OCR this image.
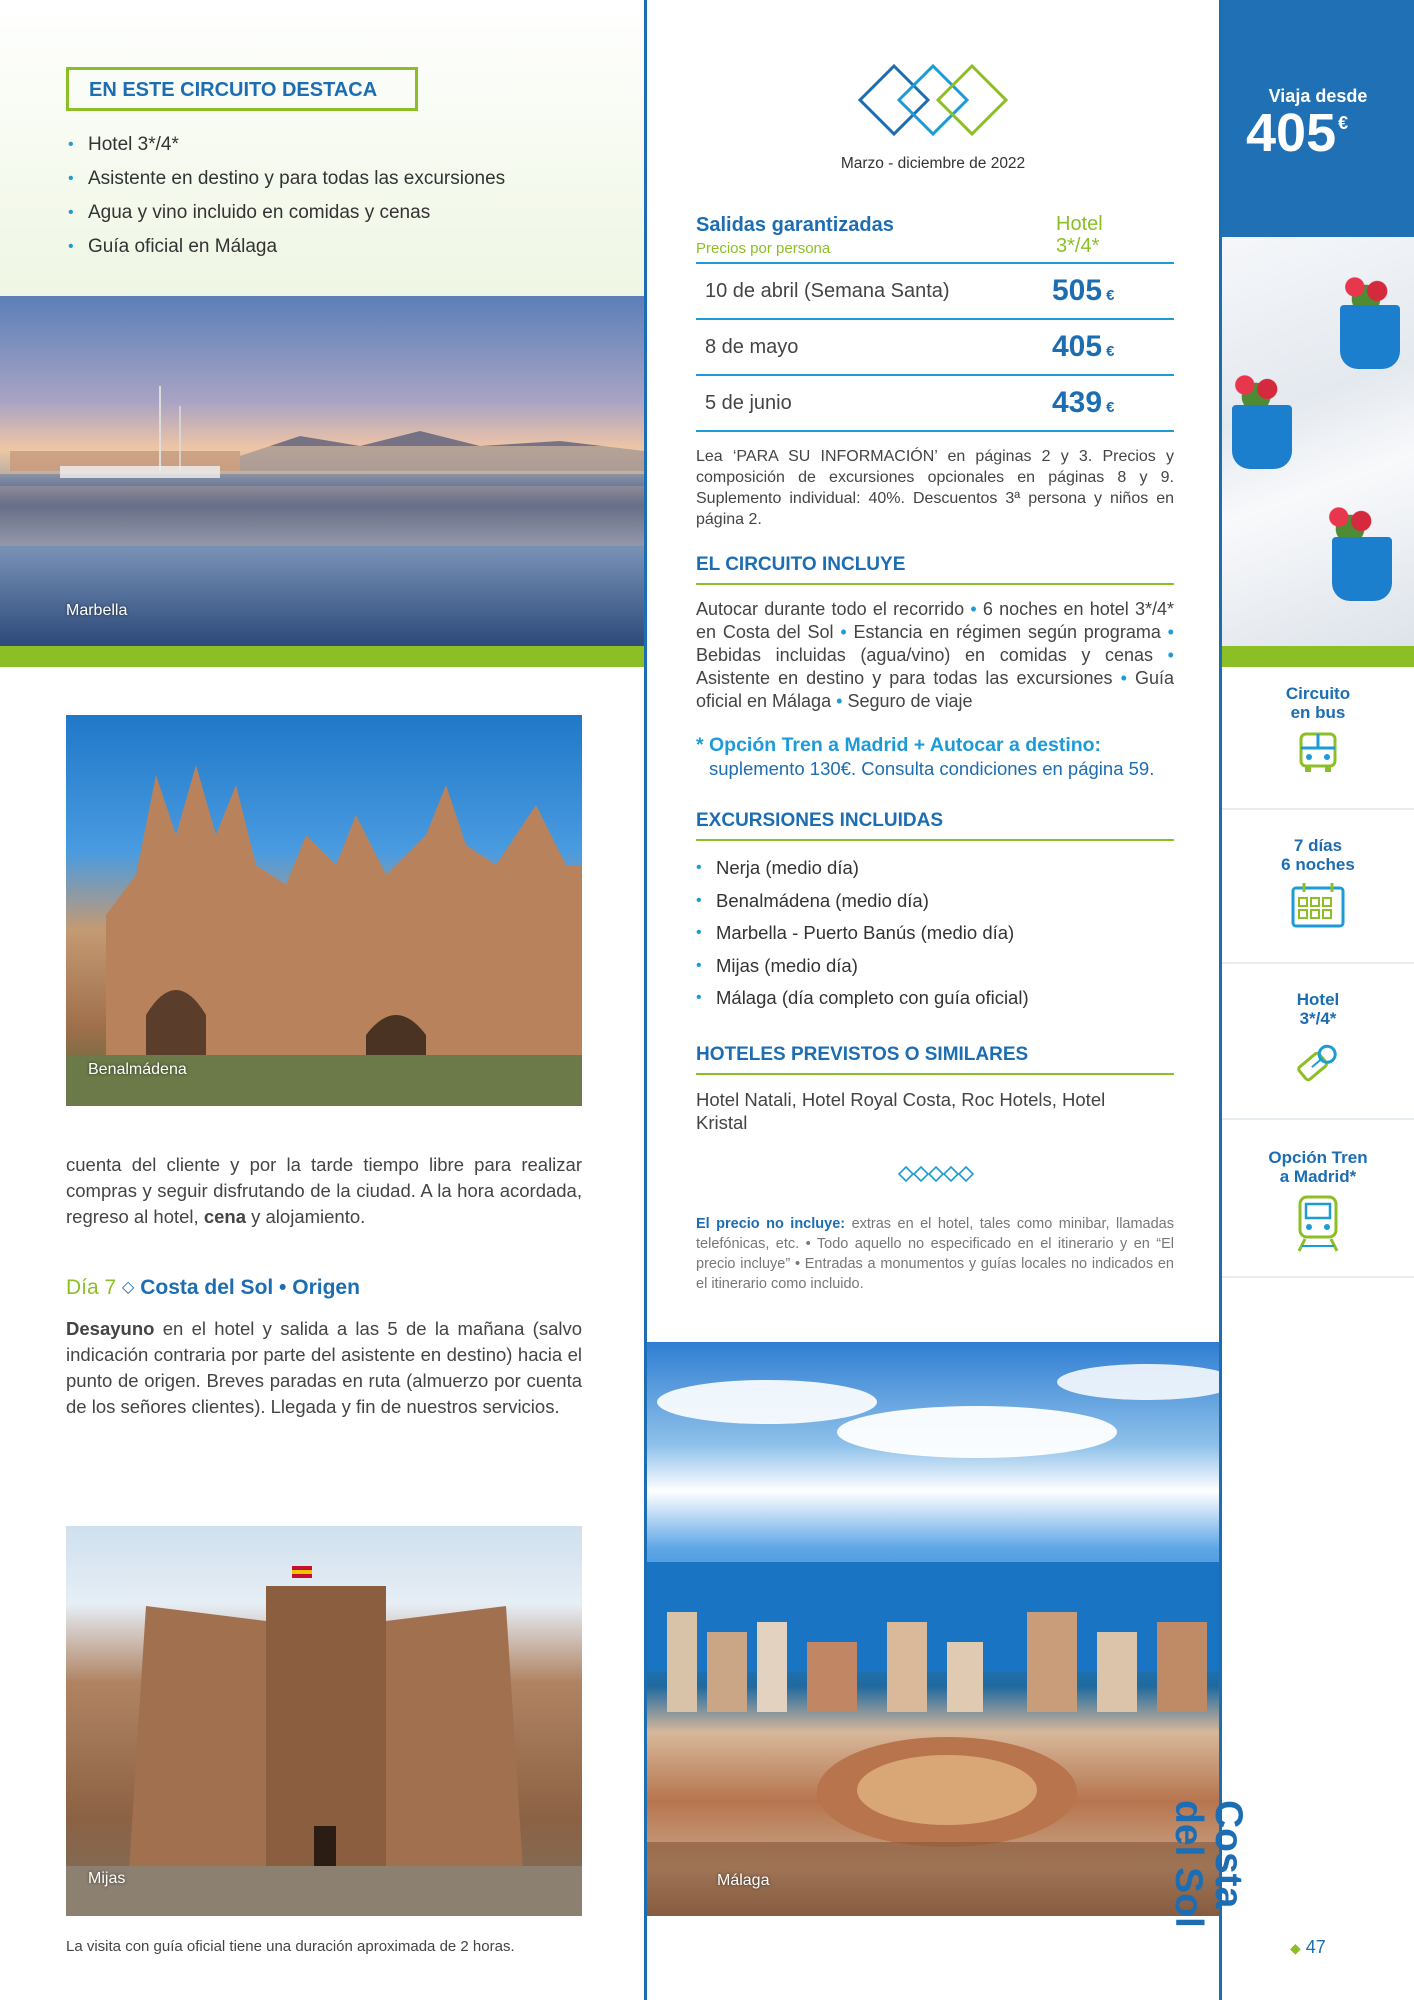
EN ESTE CIRCUITO DESTACA
• Hotel 3*/4*
• Asistente en destino y para todas las excursiones
• Agua y vino incluido en comidas y cenas
• Guía oficial en Málaga
Marbella
Benalmádena

cuenta del cliente y por la tarde tiempo libre para realizar compras y seguir disfrutando de la ciudad. A la hora acordada, regreso al hotel, cena y alojamiento.

Día 7 ◇ Costa del Sol • Origen

Desayuno en el hotel y salida a las 5 de la mañana (salvo indicación contraria por parte del asistente en destino) hacia el punto de origen. Breves paradas en ruta (almuerzo por cuenta de los señores clientes). Llegada y fin de nuestros servicios.

Mijas
La visita con guía oficial tiene una duración aproximada de 2 horas.
Marzo - diciembre de 2022
Salidas garantizadas
Precios por persona
Hotel
3*/4*
10 de abril (Semana Santa)	505 €
8 de mayo	405 €
5 de junio	439 €

Lea ‘PARA SU INFORMACIÓN’ en páginas 2 y 3. Precios y composición de excursiones opcionales en páginas 8 y 9. Suplemento individual: 40%. Descuentos 3ª persona y niños en página 2.

EL CIRCUITO INCLUYE

Autocar durante todo el recorrido • 6 noches en hotel 3*/4* en Costa del Sol • Estancia en régimen según programa • Bebidas incluidas (agua/vino) en comidas y cenas • Asistente en destino y para todas las excursiones • Guía oficial en Málaga • Seguro de viaje

* Opción Tren a Madrid + Autocar a destino:
suplemento 130€. Consulta condiciones en página 59.
EXCURSIONES INCLUIDAS
• Nerja (medio día)
• Benalmádena (medio día)
• Marbella - Puerto Banús (medio día)
• Mijas (medio día)
• Málaga (día completo con guía oficial)
HOTELES PREVISTOS O SIMILARES

Hotel Natali, Hotel Royal Costa, Roc Hotels, Hotel Kristal

El precio no incluye: extras en el hotel, tales como minibar, llamadas telefónicas, etc. • Todo aquello no especificado en el itinerario y en “El precio incluye” • Entradas a monumentos y guías locales no indicados en el itinerario como incluido.

Málaga
Viaja desde
405 €
Circuito
en bus
7 días
6 noches
Hotel
3*/4*
Opción Tren
a Madrid*
Costa
del Sol
◆ 47
